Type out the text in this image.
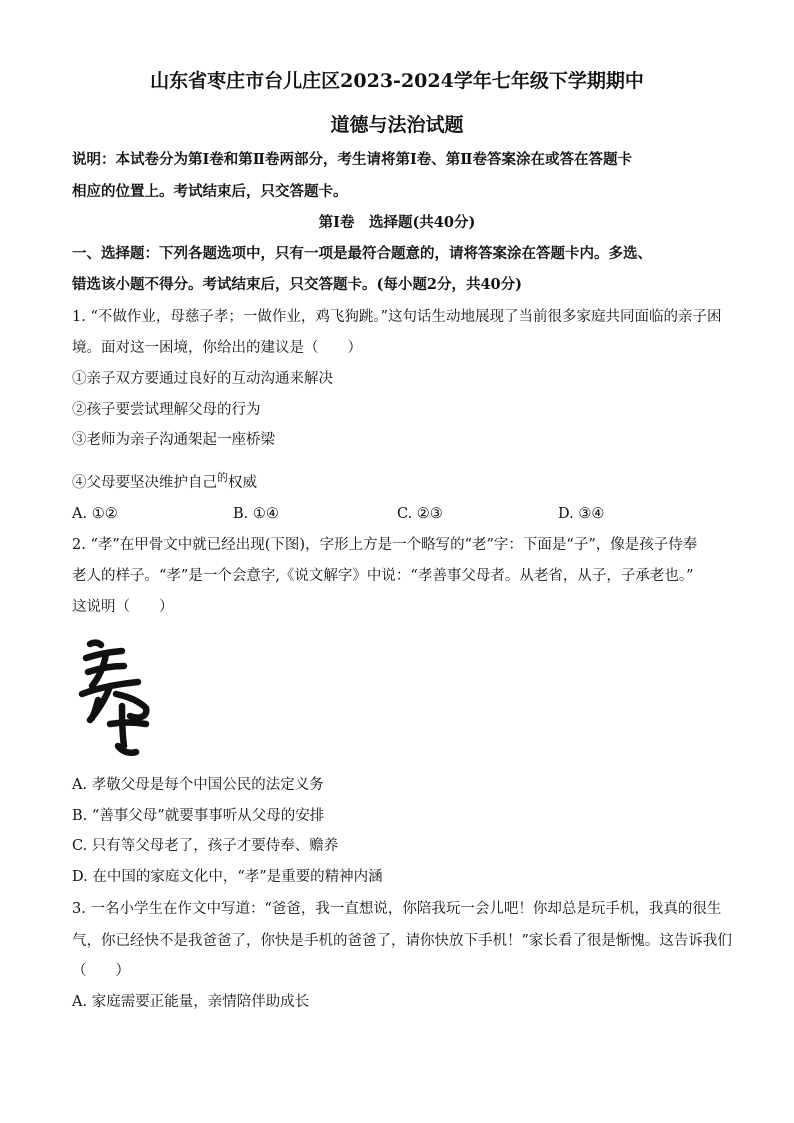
山东省枣庄市台儿庄区2023-2024学年七年级下学期期中
道德与法治试题
说明：本试卷分为第Ⅰ卷和第Ⅱ卷两部分，考生请将第Ⅰ卷、第Ⅱ卷答案涂在或答在答题卡
相应的位置上。考试结束后，只交答题卡。
第Ⅰ卷　选择题(共40分)
一、选择题：下列各题选项中，只有一项是最符合题意的，请将答案涂在答题卡内。多选、
错选该小题不得分。考试结束后，只交答题卡。(每小题2分，共40分)
1. “不做作业，母慈子孝；一做作业，鸡飞狗跳。”这句话生动地展现了当前很多家庭共同面临的亲子困
境。面对这一困境，你给出的建议是（　　）
①亲子双方要通过良好的互动沟通来解决
②孩子要尝试理解父母的行为
③老师为亲子沟通架起一座桥梁
④父母要坚决维护自己$^的$权威
A. ①②	B. ①④	C. ②③	D. ③④
2. “孝”在甲骨文中就已经出现(下图)，字形上方是一个略写的“老”字：下面是“子”，像是孩子侍奉
老人的样子。“孝”是一个会意字,《说文解字》中说：“孝善事父母者。从老省，从子，子承老也。”
这说明（　　）
A. 孝敬父母是每个中国公民的法定义务
B. “善事父母”就要事事听从父母的安排
C. 只有等父母老了，孩子才要侍奉、赡养
D. 在中国的家庭文化中，“孝”是重要的精神内涵
3. 一名小学生在作文中写道：“爸爸，我一直想说，你陪我玩一会儿吧！你却总是玩手机，我真的很生
气，你已经快不是我爸爸了，你快是手机的爸爸了，请你快放下手机！”家长看了很是惭愧。这告诉我们
（　　）
A. 家庭需要正能量，亲情陪伴助成长
